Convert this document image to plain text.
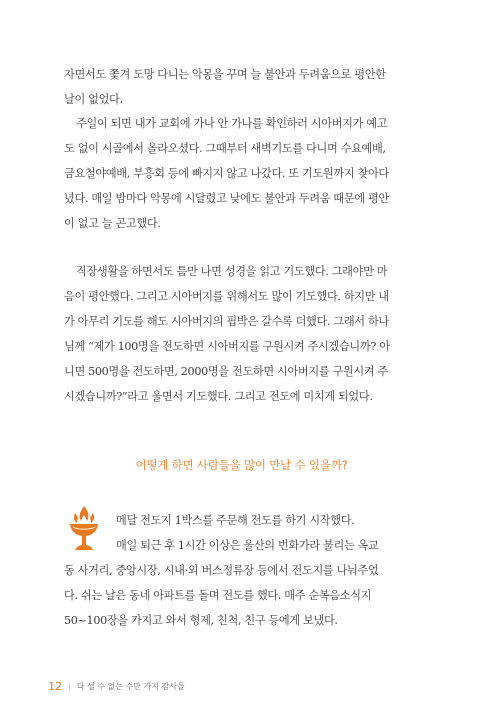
자면서도 쫓겨 도망 다니는 악몽을 꾸며 늘 불안과 두려움으로 평안한
날이 없었다.

주일이 되면 내가 교회에 가나 안 가나를 확인하러 시아버지가 예고
도 없이 시골에서 올라오셨다. 그때부터 새벽기도를 다니며 수요예배,
금요철야예배, 부흥회 등에 빠지지 않고 나갔다. 또 기도원까지 찾아다
녔다. 매일 밤마다 악몽에 시달렸고 낮에도 불안과 두려움 때문에 평안
이 없고 늘 곤고했다.

직장생활을 하면서도 틈만 나면 성경을 읽고 기도했다. 그래야만 마
음이 평안했다. 그리고 시아버지를 위해서도 많이 기도했다. 하지만 내
가 아무리 기도를 해도 시아버지의 핍박은 갈수록 더했다. 그래서 하나
님께 “제가 100명을 전도하면 시아버지를 구원시켜 주시겠습니까? 아
니면 500명을 전도하면, 2000명을 전도하면 시아버지를 구원시켜 주
시겠습니까?”라고 울면서 기도했다. 그리고 전도에 미치게 되었다.

어떻게 하면 사람들을 많이 만날 수 있을까?

메달 전도지 1박스를 주문해 전도를 하기 시작했다.
매일 퇴근 후 1시간 이상은 울산의 번화가라 불리는 옥교
동 사거리, 중앙시장, 시내·외 버스정류장 등에서 전도지를 나눠주었
다. 쉬는 날은 동네 아파트를 돌며 전도를 했다. 매주 순복음소식지
50~100장을 가지고 와서 형제, 친척, 친구 등에게 보냈다.

12 | 다 셀 수 없는 수만 가지 감사들
